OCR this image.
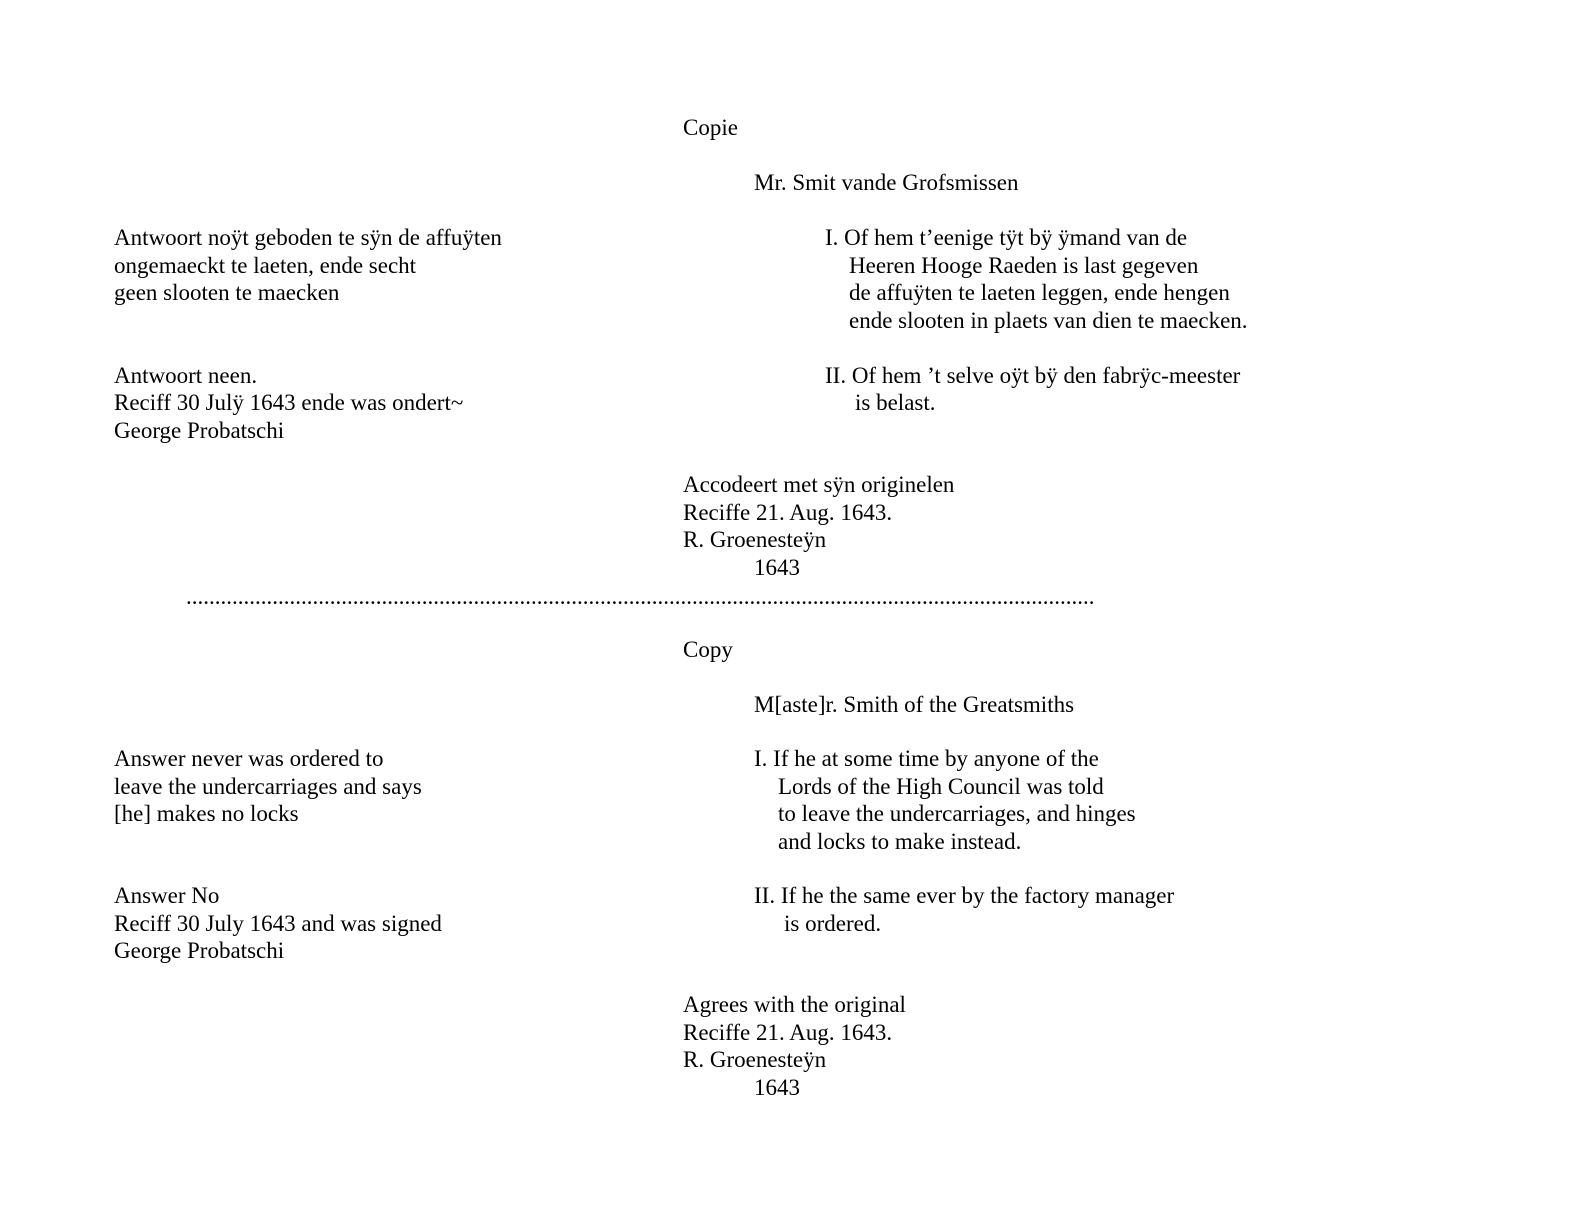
Copie
Mr. Smit vande Grofsmissen
Antwoort noÿt geboden te sÿn de affuÿten
ongemaeckt te laeten, ende secht
geen slooten te maecken
I. Of hem t’eenige tÿt bÿ ÿmand van de
Heeren Hooge Raeden is last gegeven
de affuÿten te laeten leggen, ende hengen
ende slooten in plaets van dien te maecken.
Antwoort neen.
Reciff 30 Julÿ 1643 ende was ondert~
George Probatschi
II. Of hem ’t selve oÿt bÿ den fabrÿc-meester
is belast.
Accodeert met sÿn originelen
Reciffe 21. Aug. 1643.
R. Groenesteÿn
1643
..............................................................................................................................................................
Copy
M[aste]r. Smith of the Greatsmiths
Answer never was ordered to
leave the undercarriages and says
[he] makes no locks
I. If he at some time by anyone of the
Lords of the High Council was told
to leave the undercarriages, and hinges
and locks to make instead.
Answer No
Reciff 30 July 1643 and was signed
George Probatschi
II. If he the same ever by the factory manager
is ordered.
Agrees with the original
Reciffe 21. Aug. 1643.
R. Groenesteÿn
1643
